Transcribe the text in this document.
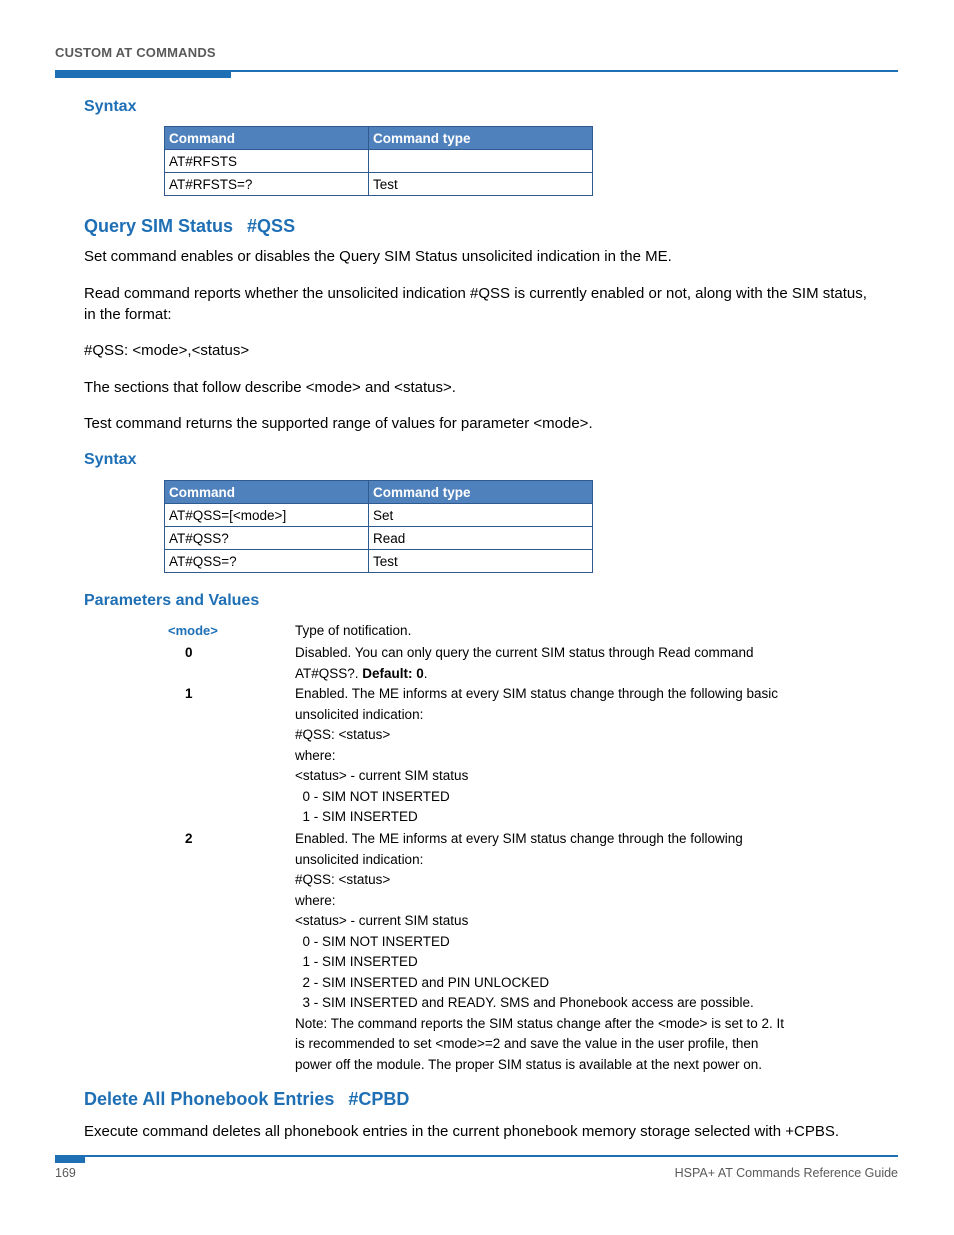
CUSTOM AT COMMANDS
Syntax
Command	Command type
AT#RFSTS	
AT#RFSTS=?	Test
Query SIM Status #QSS
Set command enables or disables the Query SIM Status unsolicited indication in the ME.
Read command reports whether the unsolicited indication #QSS is currently enabled or not, along with the SIM status, in the format:
#QSS: <mode>,<status>
The sections that follow describe <mode> and <status>.
Test command returns the supported range of values for parameter <mode>.
Syntax
Command	Command type
AT#QSS=[<mode>]	Set
AT#QSS?	Read
AT#QSS=?	Test
Parameters and Values
<mode>	Type of notification.
0	Disabled. You can only query the current SIM status through Read command
AT#QSS?. Default: 0.
1	Enabled. The ME informs at every SIM status change through the following basic
unsolicited indication:
#QSS: <status>
where:
<status> - current SIM status
0 - SIM NOT INSERTED
1 - SIM INSERTED
2	Enabled. The ME informs at every SIM status change through the following
unsolicited indication:
#QSS: <status>
where:
<status> - current SIM status
0 - SIM NOT INSERTED
1 - SIM INSERTED
2 - SIM INSERTED and PIN UNLOCKED
3 - SIM INSERTED and READY. SMS and Phonebook access are possible.
Note: The command reports the SIM status change after the <mode> is set to 2. It
is recommended to set <mode>=2 and save the value in the user profile, then
power off the module. The proper SIM status is available at the next power on.
Delete All Phonebook Entries #CPBD
Execute command deletes all phonebook entries in the current phonebook memory storage selected with +CPBS.
169	HSPA+ AT Commands Reference Guide
